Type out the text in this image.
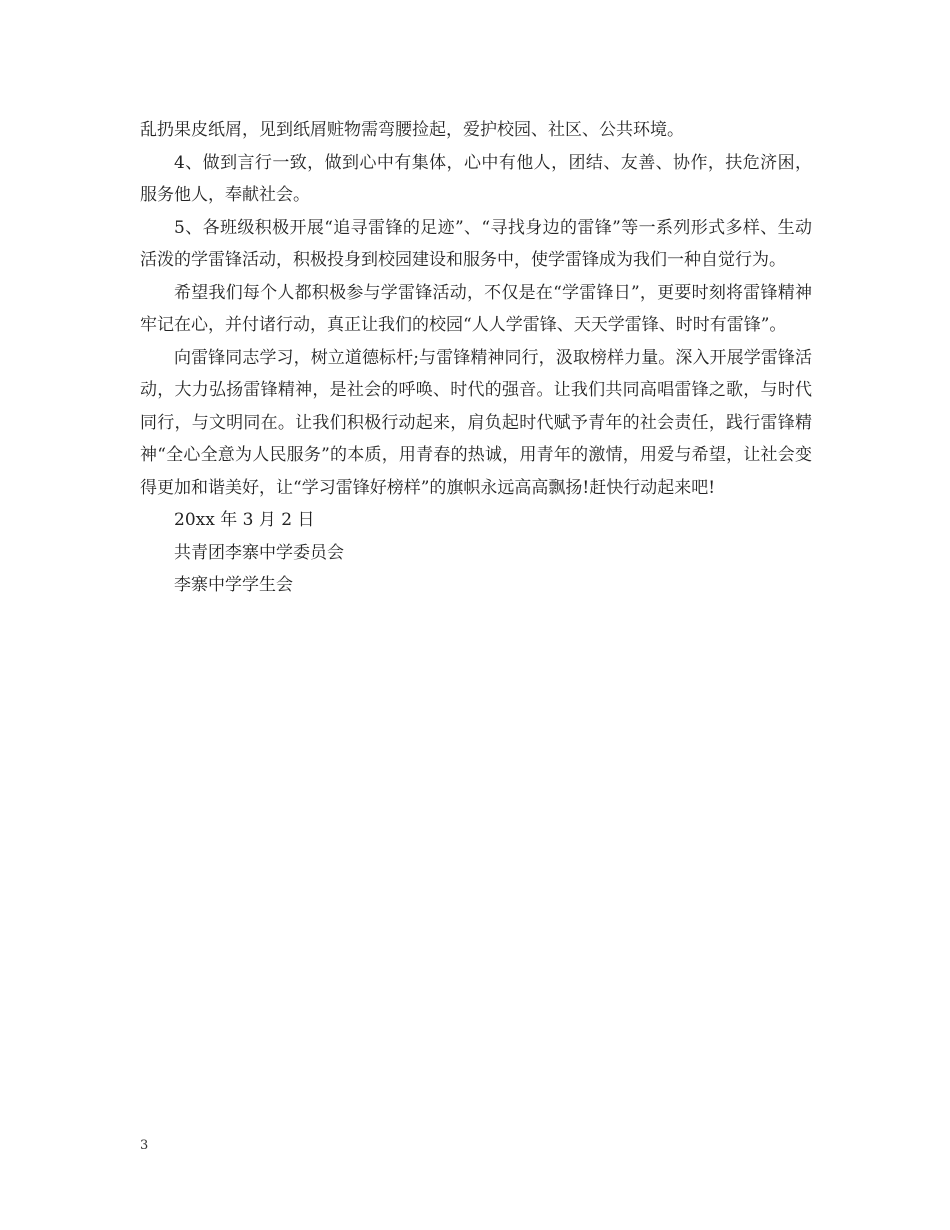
乱扔果皮纸屑，见到纸屑赃物需弯腰捡起，爱护校园、社区、公共环境。

4、做到言行一致，做到心中有集体，心中有他人，团结、友善、协作，扶危济困，服务他人，奉献社会。

5、各班级积极开展“追寻雷锋的足迹”、“寻找身边的雷锋”等一系列形式多样、生动活泼的学雷锋活动，积极投身到校园建设和服务中，使学雷锋成为我们一种自觉行为。

希望我们每个人都积极参与学雷锋活动，不仅是在“学雷锋日”，更要时刻将雷锋精神牢记在心，并付诸行动，真正让我们的校园“人人学雷锋、天天学雷锋、时时有雷锋”。

向雷锋同志学习，树立道德标杆;与雷锋精神同行，汲取榜样力量。深入开展学雷锋活动，大力弘扬雷锋精神，是社会的呼唤、时代的强音。让我们共同高唱雷锋之歌，与时代同行，与文明同在。让我们积极行动起来，肩负起时代赋予青年的社会责任，践行雷锋精神“全心全意为人民服务”的本质，用青春的热诚，用青年的激情，用爱与希望，让社会变得更加和谐美好，让“学习雷锋好榜样”的旗帜永远高高飘扬!赶快行动起来吧!

20xx 年 3 月 2 日

共青团李寨中学委员会

李寨中学学生会

3
